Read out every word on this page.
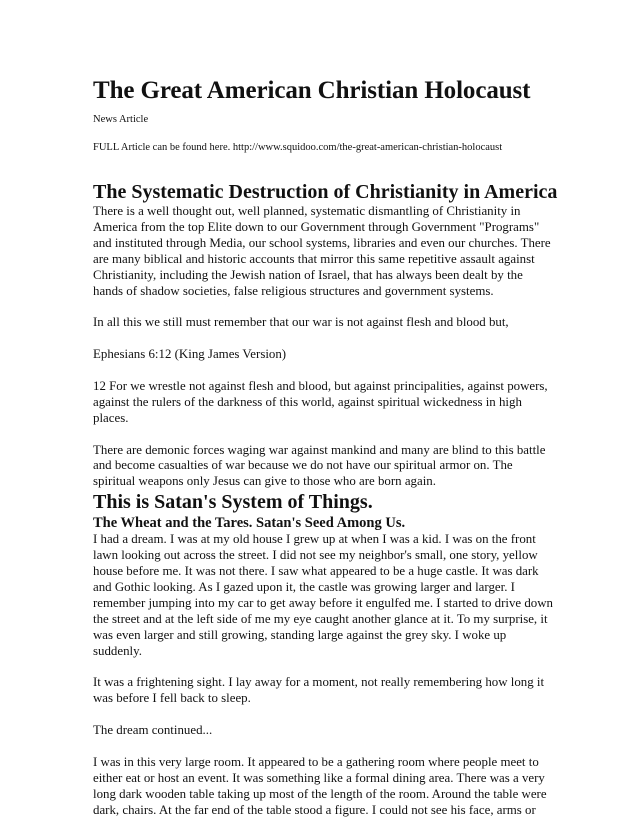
The Great American Christian Holocaust
News Article
FULL Article can be found here. http://www.squidoo.com/the-great-american-christian-holocaust
The Systematic Destruction of Christianity in America

There is a well thought out, well planned, systematic dismantling of Christianity in America from the top Elite down to our Government through Government "Programs" and instituted through Media, our school systems, libraries and even our churches. There are many biblical and historic accounts that mirror this same repetitive assault against Christianity, including the Jewish nation of Israel, that has always been dealt by the hands of shadow societies, false religious structures and government systems.

In all this we still must remember that our war is not against flesh and blood but,

Ephesians 6:12 (King James Version)

12 For we wrestle not against flesh and blood, but against principalities, against powers, against the rulers of the darkness of this world, against spiritual wickedness in high places.

There are demonic forces waging war against mankind and many are blind to this battle and become casualties of war because we do not have our spiritual armor on. The spiritual weapons only Jesus can give to those who are born again.

This is Satan's System of Things.
The Wheat and the Tares. Satan's Seed Among Us.

I had a dream. I was at my old house I grew up at when I was a kid. I was on the front lawn looking out across the street. I did not see my neighbor's small, one story, yellow house before me. It was not there. I saw what appeared to be a huge castle. It was dark and Gothic looking. As I gazed upon it, the castle was growing larger and larger. I remember jumping into my car to get away before it engulfed me. I started to drive down the street and at the left side of me my eye caught another glance at it. To my surprise, it was even larger and still growing, standing large against the grey sky. I woke up suddenly.

It was a frightening sight. I lay away for a moment, not really remembering how long it was before I fell back to sleep.

The dream continued...

I was in this very large room. It appeared to be a gathering room where people meet to either eat or host an event. It was something like a formal dining area. There was a very long dark wooden table taking up most of the length of the room. Around the table were dark, chairs. At the far end of the table stood a figure. I could not see his face, arms or
